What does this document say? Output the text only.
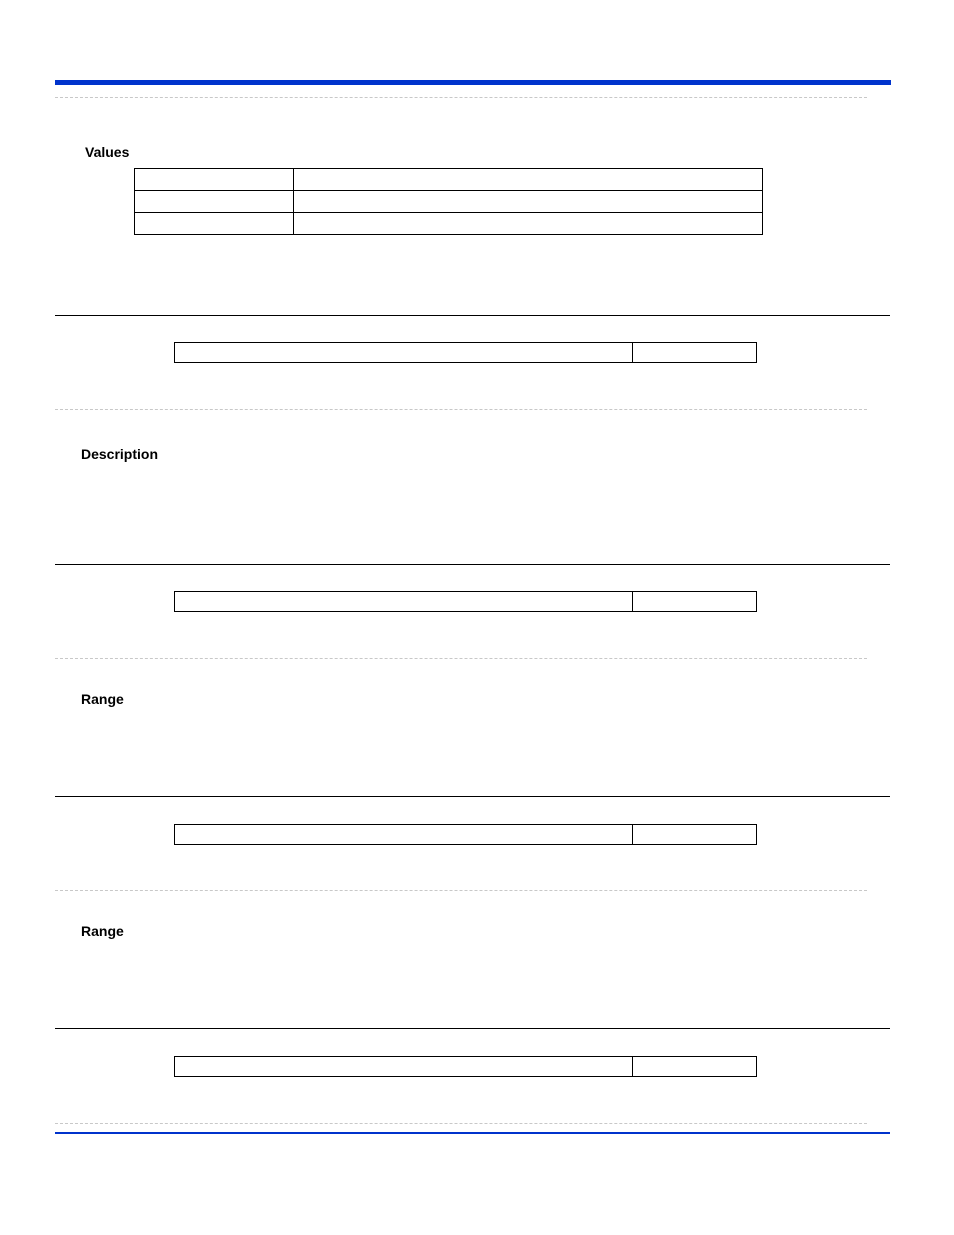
Values

Description
Range
Range
